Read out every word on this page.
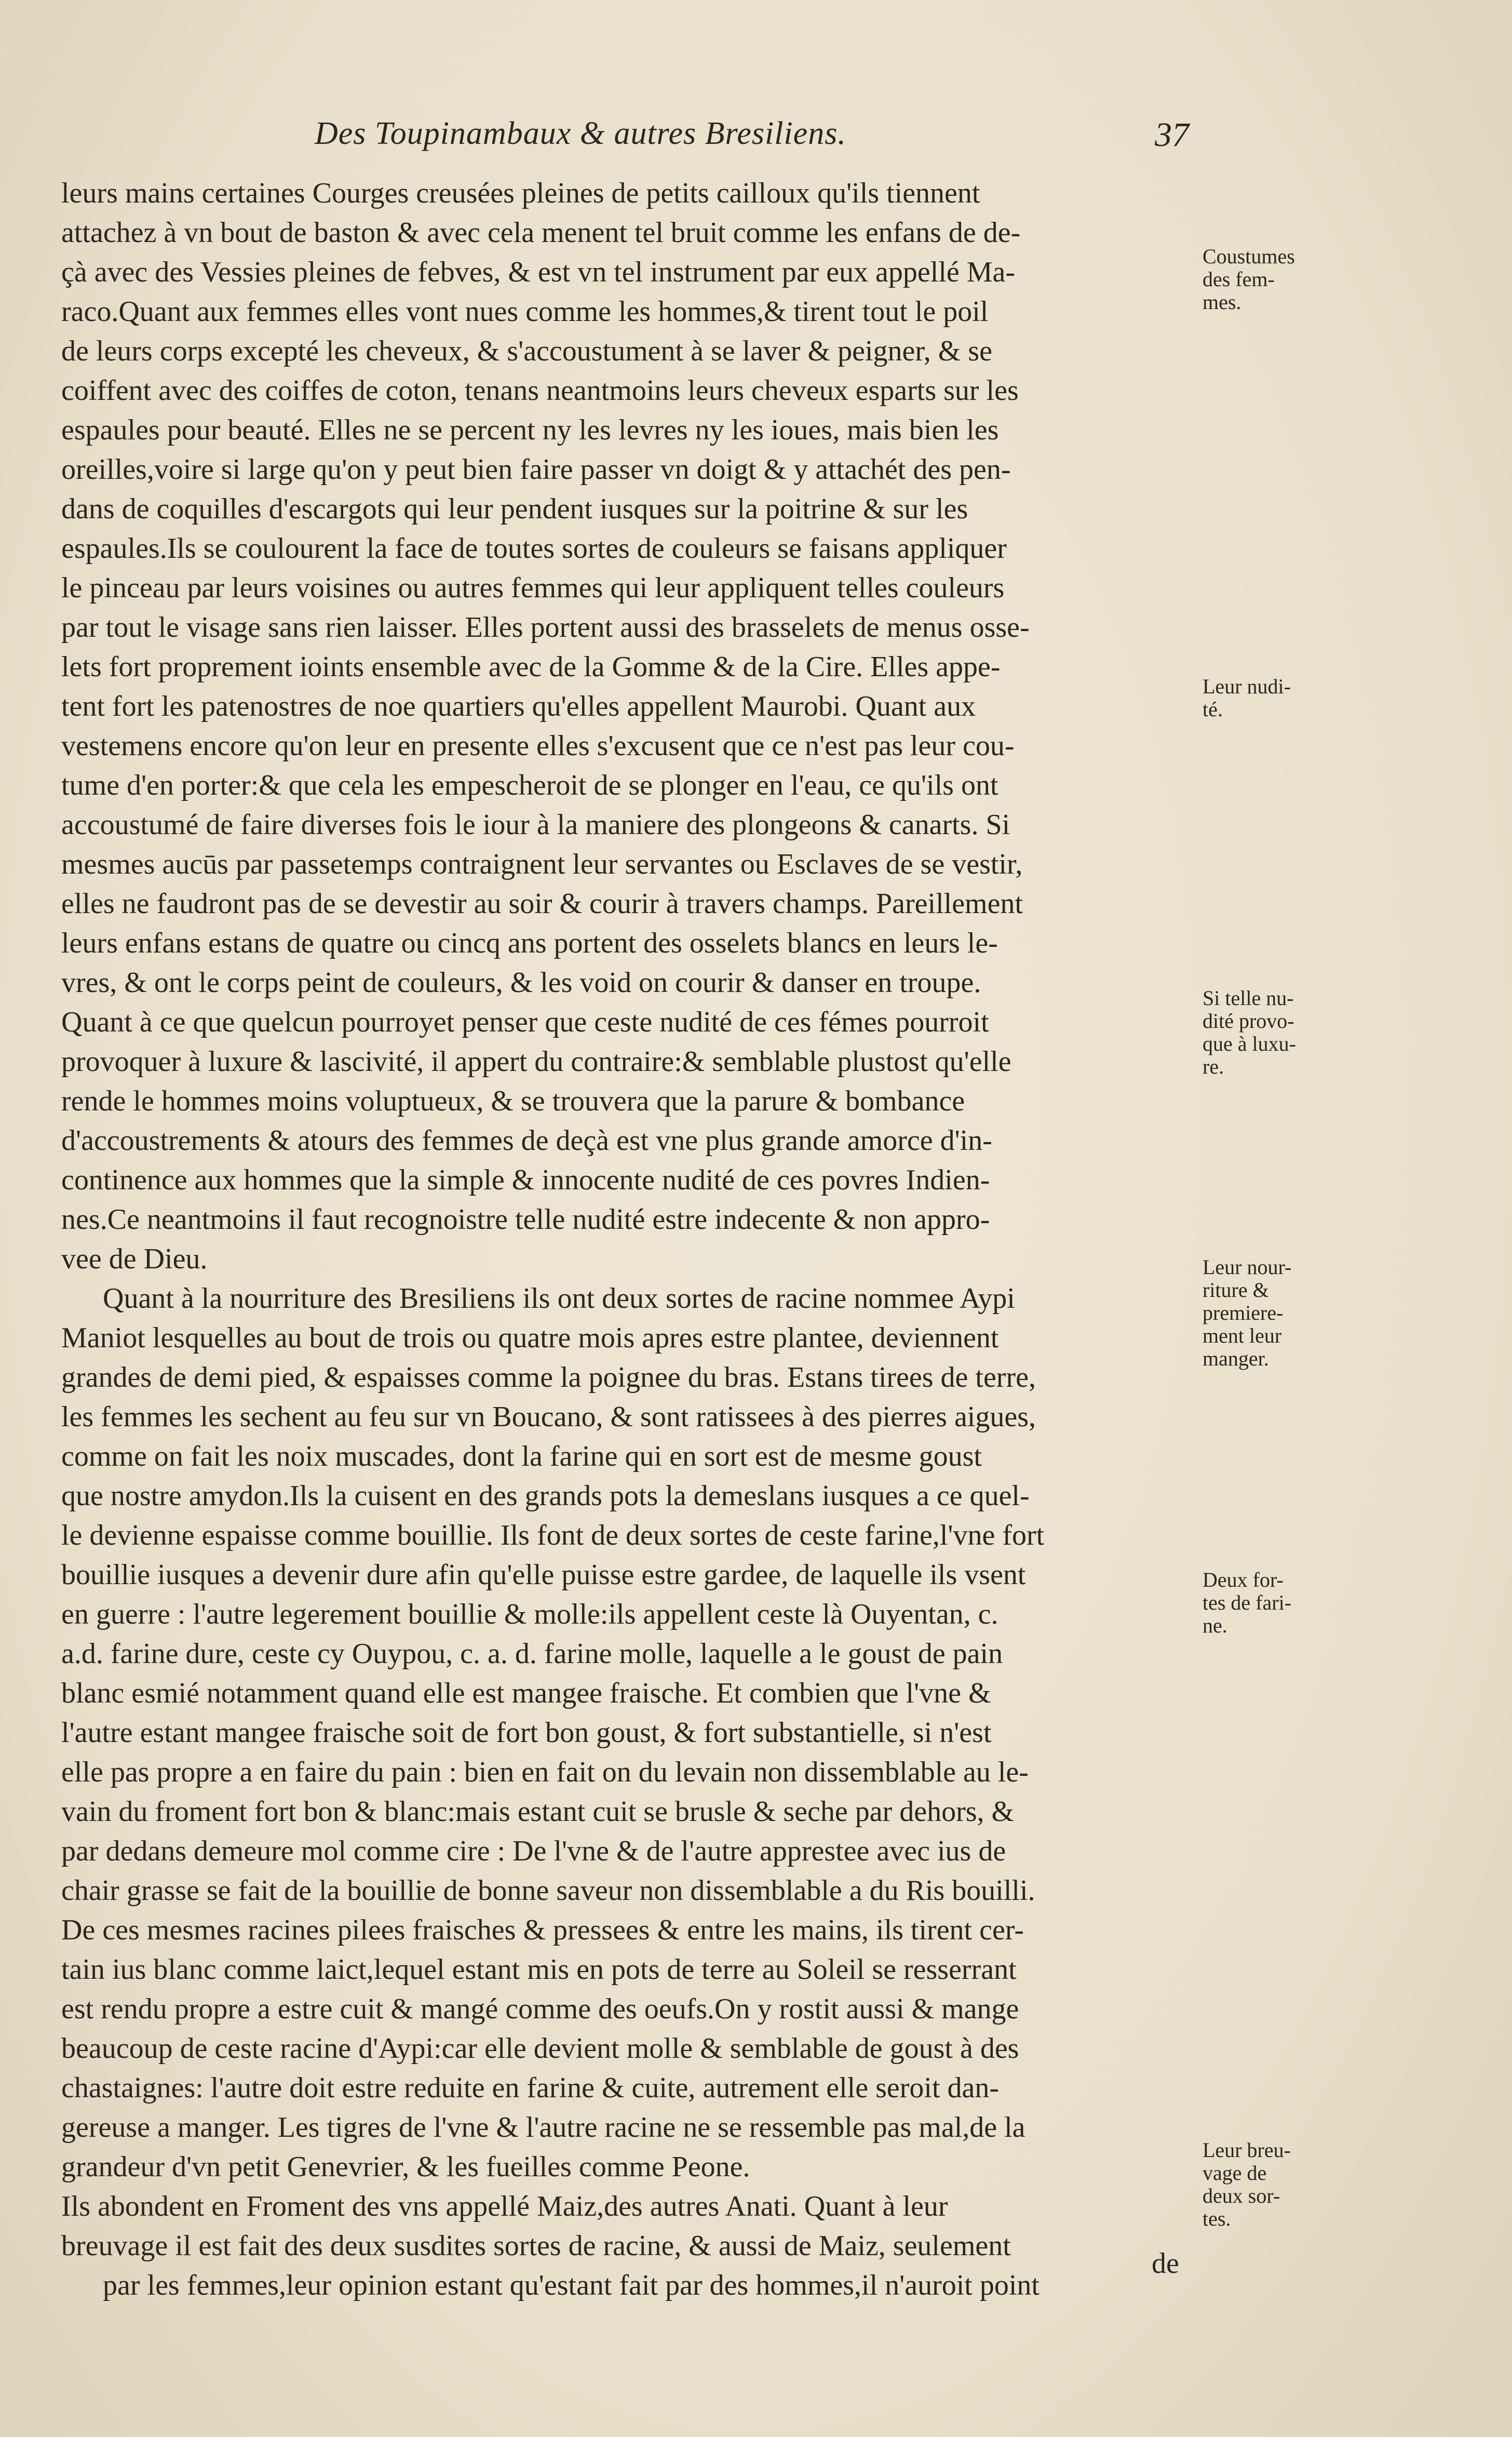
Des Toupinambaux & autres Bresiliens.	37
leurs mains certaines Courges creusées pleines de petits cailloux qu'ils tiennent
attachez à vn bout de baston & avec cela menent tel bruit comme les enfans de de-
çà avec des Vessies pleines de febves, & est vn tel instrument par eux appellé Ma-
raco.Quant aux femmes elles vont nues comme les hommes,& tirent tout le poil
de leurs corps excepté les cheveux, & s'accoustument à se laver & peigner, & se
coiffent avec des coiffes de coton, tenans neantmoins leurs cheveux esparts sur les
espaules pour beauté. Elles ne se percent ny les levres ny les ioues, mais bien les
oreilles,voire si large qu'on y peut bien faire passer vn doigt & y attachét des pen-
dans de coquilles d'escargots qui leur pendent iusques sur la poitrine & sur les
espaules.Ils se coulourent la face de toutes sortes de couleurs se faisans appliquer
le pinceau par leurs voisines ou autres femmes qui leur appliquent telles couleurs
par tout le visage sans rien laisser. Elles portent aussi des brasselets de menus osse-
lets fort proprement ioints ensemble avec de la Gomme & de la Cire. Elles appe-
tent fort les patenostres de noe quartiers qu'elles appellent Maurobi. Quant aux
vestemens encore qu'on leur en presente elles s'excusent que ce n'est pas leur cou-
tume d'en porter:& que cela les empescheroit de se plonger en l'eau, ce qu'ils ont
accoustumé de faire diverses fois le iour à la maniere des plongeons & canarts. Si
mesmes aucūs par passetemps contraignent leur servantes ou Esclaves de se vestir,
elles ne faudront pas de se devestir au soir & courir à travers champs. Pareillement
leurs enfans estans de quatre ou cincq ans portent des osselets blancs en leurs le-
vres, & ont le corps peint de couleurs, & les void on courir & danser en troupe.
Quant à ce que quelcun pourroyet penser que ceste nudité de ces fémes pourroit
provoquer à luxure & lascivité, il appert du contraire:& semblable plustost qu'elle
rende le hommes moins voluptueux, & se trouvera que la parure & bombance
d'accoustrements & atours des femmes de deçà est vne plus grande amorce d'in-
continence aux hommes que la simple & innocente nudité de ces povres Indien-
nes.Ce neantmoins il faut recognoistre telle nudité estre indecente & non appro-
vee de Dieu.
Quant à la nourriture des Bresiliens ils ont deux sortes de racine nommee Aypi
Maniot lesquelles au bout de trois ou quatre mois apres estre plantee, deviennent
grandes de demi pied, & espaisses comme la poignee du bras. Estans tirees de terre,
les femmes les sechent au feu sur vn Boucano, & sont ratissees à des pierres aigues,
comme on fait les noix muscades, dont la farine qui en sort est de mesme goust
que nostre amydon.Ils la cuisent en des grands pots la demeslans iusques a ce quel-
le devienne espaisse comme bouillie. Ils font de deux sortes de ceste farine,l'vne fort
bouillie iusques a devenir dure afin qu'elle puisse estre gardee, de laquelle ils vsent
en guerre : l'autre legerement bouillie & molle:ils appellent ceste là Ouyentan, c.
a.d. farine dure, ceste cy Ouypou, c. a. d. farine molle, laquelle a le goust de pain
blanc esmié notamment quand elle est mangee fraische. Et combien que l'vne &
l'autre estant mangee fraische soit de fort bon goust, & fort substantielle, si n'est
elle pas propre a en faire du pain : bien en fait on du levain non dissemblable au le-
vain du froment fort bon & blanc:mais estant cuit se brusle & seche par dehors, &
par dedans demeure mol comme cire : De l'vne & de l'autre apprestee avec ius de
chair grasse se fait de la bouillie de bonne saveur non dissemblable a du Ris bouilli.
De ces mesmes racines pilees fraisches & pressees & entre les mains, ils tirent cer-
tain ius blanc comme laict,lequel estant mis en pots de terre au Soleil se resserrant
est rendu propre a estre cuit & mangé comme des oeufs.On y rostit aussi & mange
beaucoup de ceste racine d'Aypi:car elle devient molle & semblable de goust à des
chastaignes: l'autre doit estre reduite en farine & cuite, autrement elle seroit dan-
gereuse a manger. Les tigres de l'vne & l'autre racine ne se ressemble pas mal,de la
grandeur d'vn petit Genevrier, & les fueilles comme Peone.
Ils abondent en Froment des vns appellé Maiz,des autres Anati. Quant à leur
breuvage il est fait des deux susdites sortes de racine, & aussi de Maiz, seulement
par les femmes,leur opinion estant qu'estant fait par des hommes,il n'auroit point
Coustumes
des fem-
mes.
Leur nudi-
té.
Si telle nu-
dité provo-
que à luxu-
re.
Leur nour-
riture &
premiere-
ment leur
manger.
Deux for-
tes de fari-
ne.
Leur breu-
vage de
deux sor-
tes.
de
